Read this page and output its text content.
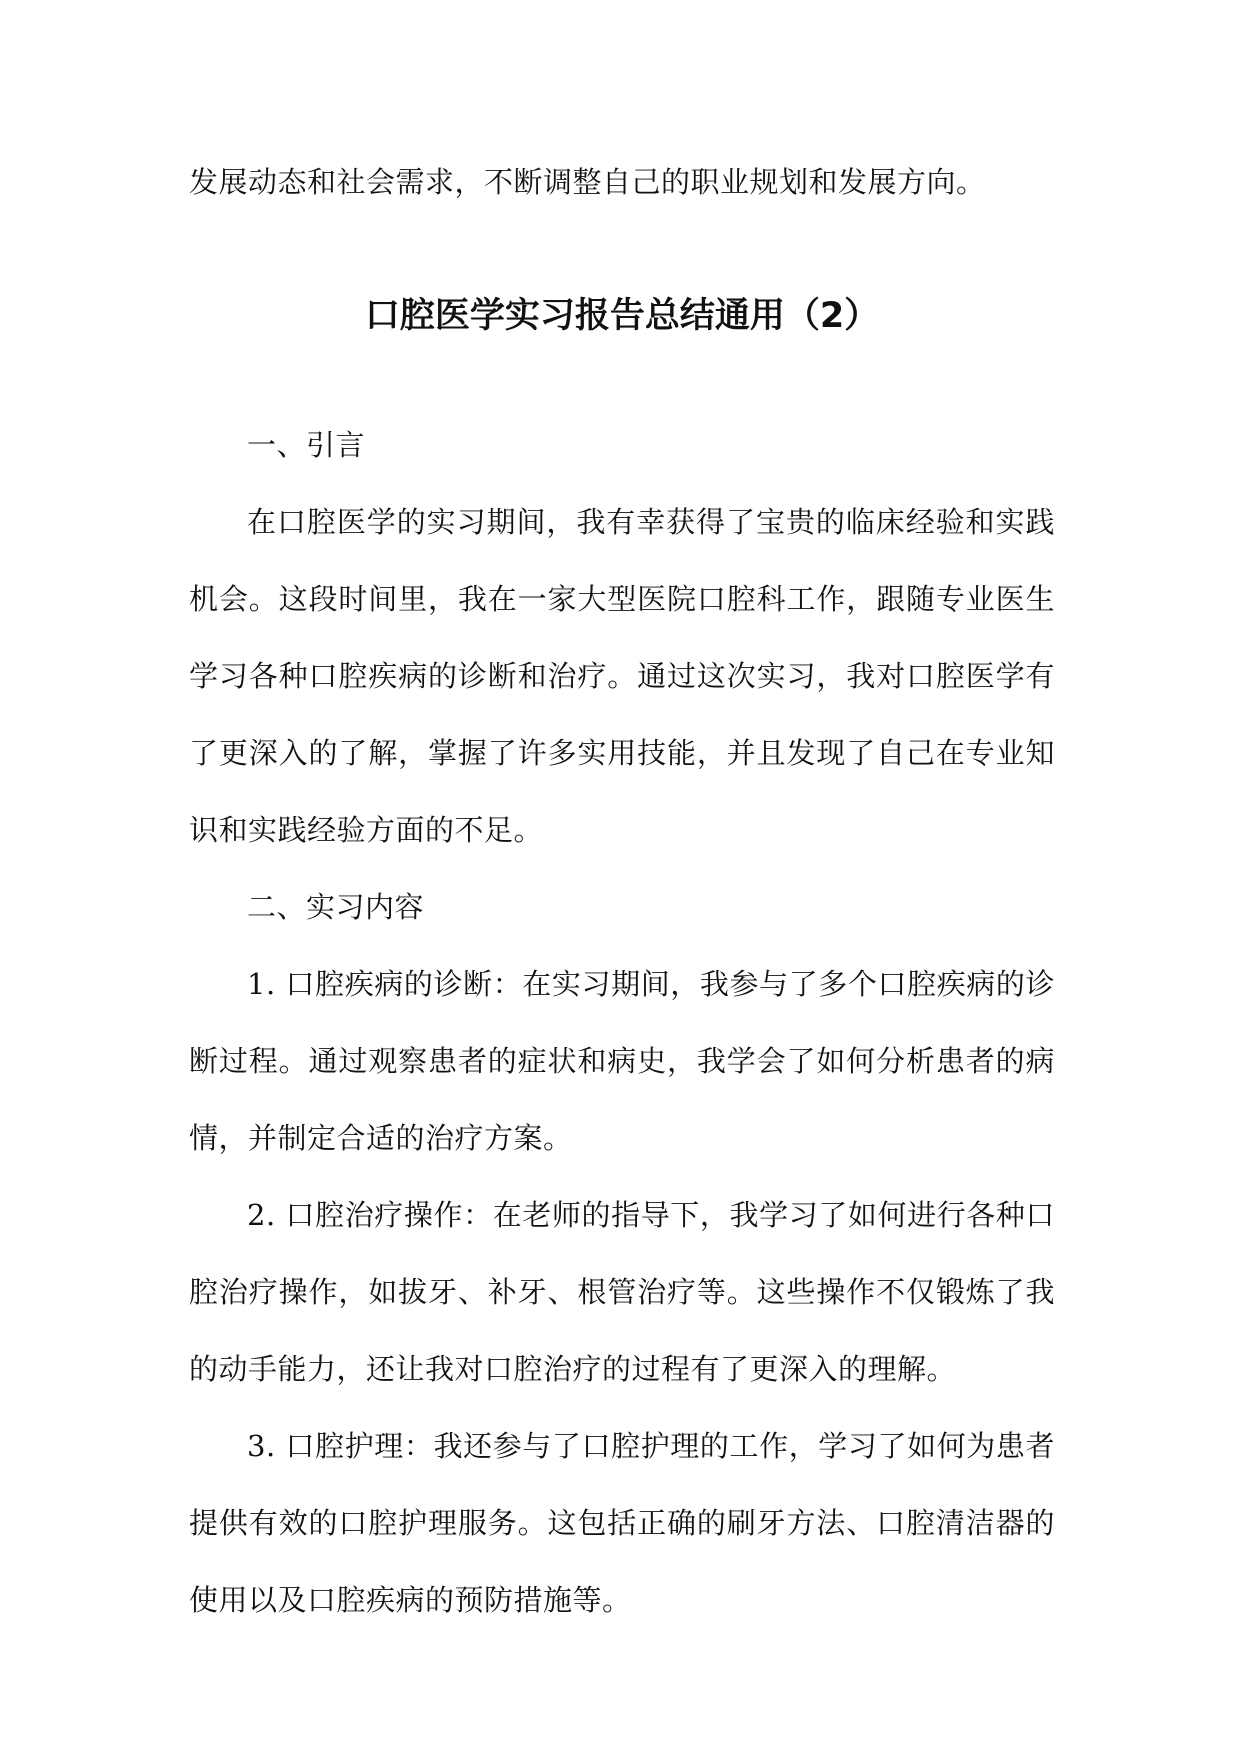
发展动态和社会需求，不断调整自己的职业规划和发展方向。

口腔医学实习报告总结通用（2）

一、引言

在口腔医学的实习期间，我有幸获得了宝贵的临床经验和实践机会。这段时间里，我在一家大型医院口腔科工作，跟随专业医生学习各种口腔疾病的诊断和治疗。通过这次实习，我对口腔医学有了更深入的了解，掌握了许多实用技能，并且发现了自己在专业知识和实践经验方面的不足。

二、实习内容

1. 口腔疾病的诊断：在实习期间，我参与了多个口腔疾病的诊断过程。通过观察患者的症状和病史，我学会了如何分析患者的病情，并制定合适的治疗方案。

2. 口腔治疗操作：在老师的指导下，我学习了如何进行各种口腔治疗操作，如拔牙、补牙、根管治疗等。这些操作不仅锻炼了我的动手能力，还让我对口腔治疗的过程有了更深入的理解。

3. 口腔护理：我还参与了口腔护理的工作，学习了如何为患者提供有效的口腔护理服务。这包括正确的刷牙方法、口腔清洁器的使用以及口腔疾病的预防措施等。
